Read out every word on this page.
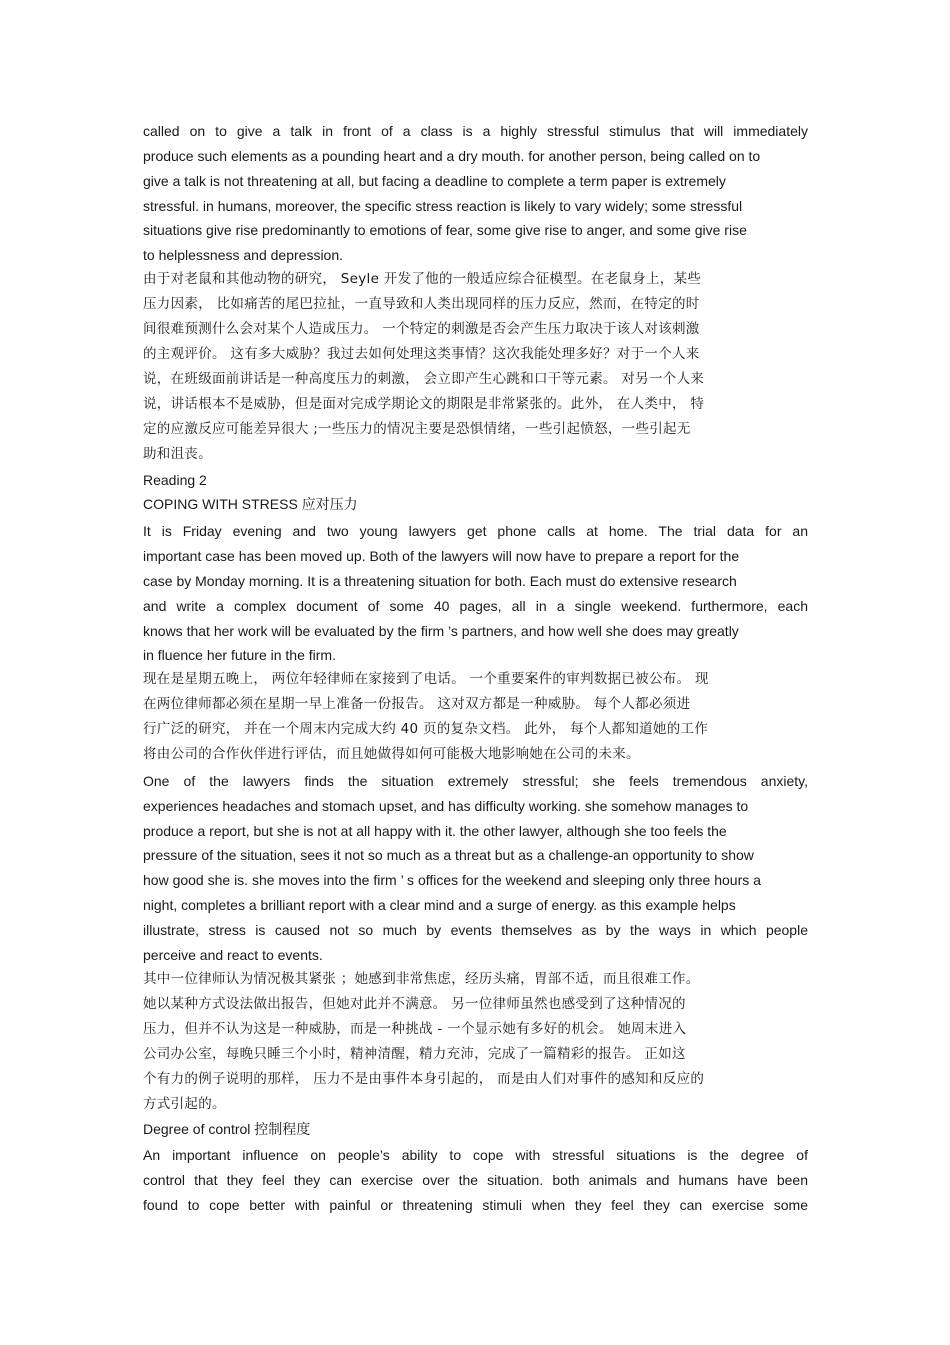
called on to give a talk in front of a class is a highly stressful stimulus that will immediately
produce such elements as a pounding heart and a dry mouth. for another person, being called on to
give a talk is not threatening at all, but facing a deadline to complete a term paper is extremely
stressful. in humans, moreover, the specific stress reaction is likely to vary widely; some stressful
situations give rise predominantly to emotions of fear, some give rise to anger, and some give rise
to helplessness and depression.
由于对老鼠和其他动物的研究， Seyle 开发了他的一般适应综合征模型。在老鼠身上，某些
压力因素， 比如痛苦的尾巴拉扯，一直导致和人类出现同样的压力反应，然而，在特定的时
间很难预测什么会对某个人造成压力。 一个特定的刺激是否会产生压力取决于该人对该刺激
的主观评价。 这有多大威胁？我过去如何处理这类事情？这次我能处理多好？对于一个人来
说，在班级面前讲话是一种高度压力的刺激， 会立即产生心跳和口干等元素。 对另一个人来
说，讲话根本不是威胁，但是面对完成学期论文的期限是非常紧张的。此外， 在人类中， 特
定的应激反应可能差异很大 ;一些压力的情况主要是恐惧情绪，一些引起愤怒，一些引起无
助和沮丧。
Reading 2
COPING WITH STRESS 应对压力
It is Friday evening and two young lawyers get phone calls at home. The trial data for an
important case has been moved up. Both of the lawyers will now have to prepare a report for the
case by Monday morning. It is a threatening situation for both. Each must do extensive research
and write a complex document of some 40 pages, all in a single weekend. furthermore, each
knows that her work will be evaluated by the firm ’s partners, and how well she does may greatly
in fluence her future in the firm.
现在是星期五晚上， 两位年轻律师在家接到了电话。 一个重要案件的审判数据已被公布。 现
在两位律师都必须在星期一早上准备一份报告。 这对双方都是一种威胁。 每个人都必须进
行广泛的研究， 并在一个周末内完成大约 40 页的复杂文档。 此外， 每个人都知道她的工作
将由公司的合作伙伴进行评估，而且她做得如何可能极大地影响她在公司的未来。
One of the lawyers finds the situation extremely stressful; she feels tremendous anxiety,
experiences headaches and stomach upset, and has difficulty working. she somehow manages to
produce a report, but she is not at all happy with it. the other lawyer, although she too feels the
pressure of the situation, sees it not so much as a threat but as a challenge-an opportunity to show
how good she is. she moves into the firm ’ s offices for the weekend and sleeping only three hours a
night, completes a brilliant report with a clear mind and a surge of energy. as this example helps
illustrate, stress is caused not so much by events themselves as by the ways in which people
perceive and react to events.
其中一位律师认为情况极其紧张 ；她感到非常焦虑，经历头痛，胃部不适，而且很难工作。
她以某种方式设法做出报告，但她对此并不满意。 另一位律师虽然也感受到了这种情况的
压力，但并不认为这是一种威胁，而是一种挑战 - 一个显示她有多好的机会。 她周末进入
公司办公室，每晚只睡三个小时，精神清醒，精力充沛，完成了一篇精彩的报告。 正如这
个有力的例子说明的那样， 压力不是由事件本身引起的， 而是由人们对事件的感知和反应的
方式引起的。
Degree of control 控制程度
An important influence on people’s ability to cope with stressful situations is the degree of
control that they feel they can exercise over the situation. both animals and humans have been
found to cope better with painful or threatening stimuli when they feel they can exercise some
